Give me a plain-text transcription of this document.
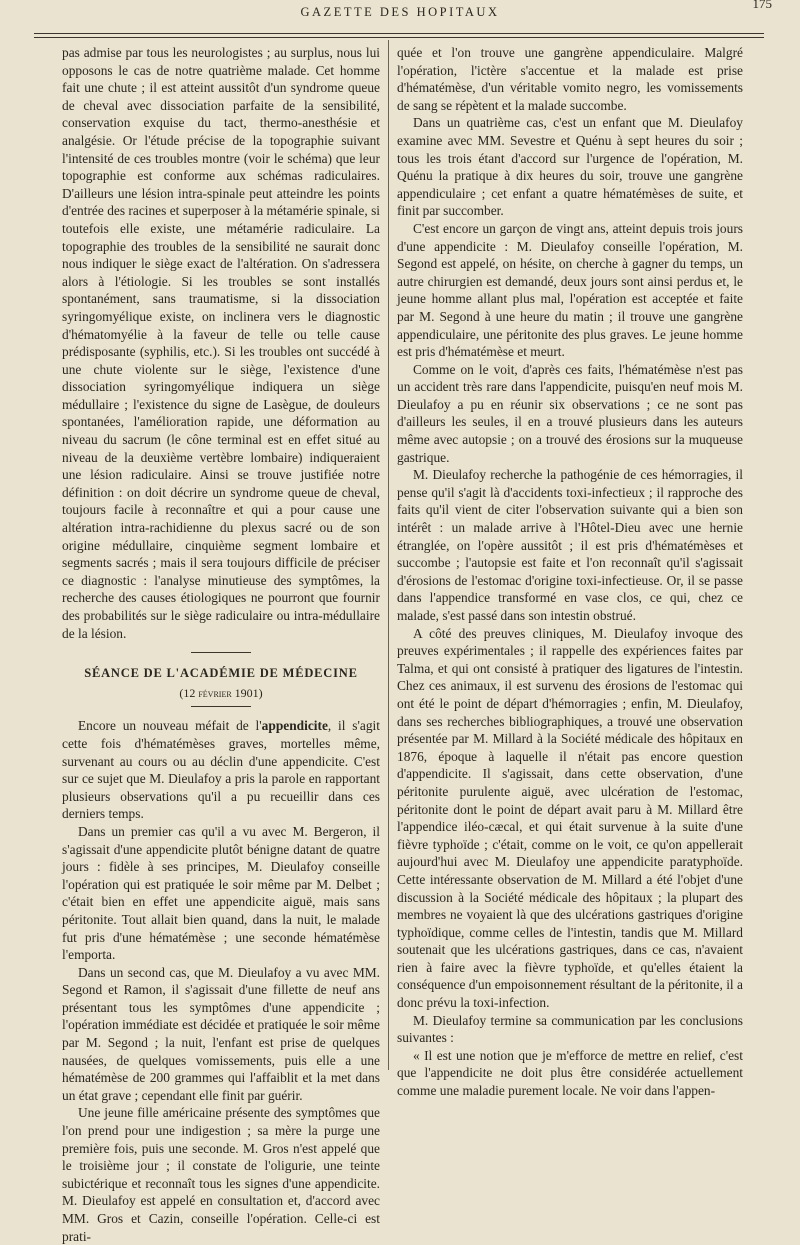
GAZETTE DES HOPITAUX
175

pas admise par tous les neurologistes ; au surplus, nous lui opposons le cas de notre quatrième malade. Cet homme fait une chute ; il est atteint aussitôt d'un syndrome queue de cheval avec dissociation parfaite de la sensibilité, conservation exquise du tact, thermo-anesthésie et analgésie. Or l'étude précise de la topographie suivant l'intensité de ces troubles montre (voir le schéma) que leur topographie est conforme aux schémas radiculaires. D'ailleurs une lésion intra-spinale peut atteindre les points d'entrée des racines et superposer à la métamérie spinale, si toutefois elle existe, une métamérie radiculaire. La topographie des troubles de la sensibilité ne saurait donc nous indiquer le siège exact de l'altération. On s'adressera alors à l'étiologie. Si les troubles se sont installés spontanément, sans traumatisme, si la dissociation syringomyélique existe, on inclinera vers le diagnostic d'hématomyélie à la faveur de telle ou telle cause prédisposante (syphilis, etc.). Si les troubles ont succédé à une chute violente sur le siège, l'existence d'une dissociation syringomyélique indiquera un siège médullaire ; l'existence du signe de Lasègue, de douleurs spontanées, l'amélioration rapide, une déformation au niveau du sacrum (le cône terminal est en effet situé au niveau de la deuxième vertèbre lombaire) indiqueraient une lésion radiculaire. Ainsi se trouve justifiée notre définition : on doit décrire un syndrome queue de cheval, toujours facile à reconnaître et qui a pour cause une altération intra-rachidienne du plexus sacré ou de son origine médullaire, cinquième segment lombaire et segments sacrés ; mais il sera toujours difficile de préciser ce diagnostic : l'analyse minutieuse des symptômes, la recherche des causes étiologiques ne pourront que fournir des probabilités sur le siège radiculaire ou intra-médullaire de la lésion.

SÉANCE DE L'ACADÉMIE DE MÉDECINE

(12 février 1901)

Encore un nouveau méfait de l'appendicite, il s'agit cette fois d'hématémèses graves, mortelles même, survenant au cours ou au déclin d'une appendicite. C'est sur ce sujet que M. Dieulafoy a pris la parole en rapportant plusieurs observations qu'il a pu recueillir dans ces derniers temps.

Dans un premier cas qu'il a vu avec M. Bergeron, il s'agissait d'une appendicite plutôt bénigne datant de quatre jours : fidèle à ses principes, M. Dieulafoy conseille l'opération qui est pratiquée le soir même par M. Delbet ; c'était bien en effet une appendicite aiguë, mais sans péritonite. Tout allait bien quand, dans la nuit, le malade fut pris d'une hématémèse ; une seconde hématémèse l'emporta.

Dans un second cas, que M. Dieulafoy a vu avec MM. Segond et Ramon, il s'agissait d'une fillette de neuf ans présentant tous les symptômes d'une appendicite ; l'opération immédiate est décidée et pratiquée le soir même par M. Segond ; la nuit, l'enfant est prise de quelques nausées, de quelques vomissements, puis elle a une hématémèse de 200 grammes qui l'affaiblit et la met dans un état grave ; cependant elle finit par guérir.

Une jeune fille américaine présente des symptômes que l'on prend pour une indigestion ; sa mère la purge une première fois, puis une seconde. M. Gros n'est appelé que le troisième jour ; il constate de l'oligurie, une teinte subictérique et reconnaît tous les signes d'une appendicite. M. Dieulafoy est appelé en consultation et, d'accord avec MM. Gros et Cazin, conseille l'opération. Celle-ci est prati-

quée et l'on trouve une gangrène appendiculaire. Malgré l'opération, l'ictère s'accentue et la malade est prise d'hématémèse, d'un véritable vomito negro, les vomissements de sang se répètent et la malade succombe.

Dans un quatrième cas, c'est un enfant que M. Dieulafoy examine avec MM. Sevestre et Quénu à sept heures du soir ; tous les trois étant d'accord sur l'urgence de l'opération, M. Quénu la pratique à dix heures du soir, trouve une gangrène appendiculaire ; cet enfant a quatre hématémèses de suite, et finit par succomber.

C'est encore un garçon de vingt ans, atteint depuis trois jours d'une appendicite : M. Dieulafoy conseille l'opération, M. Segond est appelé, on hésite, on cherche à gagner du temps, un autre chirurgien est demandé, deux jours sont ainsi perdus et, le jeune homme allant plus mal, l'opération est acceptée et faite par M. Segond à une heure du matin ; il trouve une gangrène appendiculaire, une péritonite des plus graves. Le jeune homme est pris d'hématémèse et meurt.

Comme on le voit, d'après ces faits, l'hématémèse n'est pas un accident très rare dans l'appendicite, puisqu'en neuf mois M. Dieulafoy a pu en réunir six observations ; ce ne sont pas d'ailleurs les seules, il en a trouvé plusieurs dans les auteurs même avec autopsie ; on a trouvé des érosions sur la muqueuse gastrique.

M. Dieulafoy recherche la pathogénie de ces hémorragies, il pense qu'il s'agit là d'accidents toxi-infectieux ; il rapproche des faits qu'il vient de citer l'observation suivante qui a bien son intérêt : un malade arrive à l'Hôtel-Dieu avec une hernie étranglée, on l'opère aussitôt ; il est pris d'hématémèses et succombe ; l'autopsie est faite et l'on reconnaît qu'il s'agissait d'érosions de l'estomac d'origine toxi-infectieuse. Or, il se passe dans l'appendice transformé en vase clos, ce qui, chez ce malade, s'est passé dans son intestin obstrué.

A côté des preuves cliniques, M. Dieulafoy invoque des preuves expérimentales ; il rappelle des expériences faites par Talma, et qui ont consisté à pratiquer des ligatures de l'intestin. Chez ces animaux, il est survenu des érosions de l'estomac qui ont été le point de départ d'hémorragies ; enfin, M. Dieulafoy, dans ses recherches bibliographiques, a trouvé une observation présentée par M. Millard à la Société médicale des hôpitaux en 1876, époque à laquelle il n'était pas encore question d'appendicite. Il s'agissait, dans cette observation, d'une péritonite purulente aiguë, avec ulcération de l'estomac, péritonite dont le point de départ avait paru à M. Millard être l'appendice iléo-cæcal, et qui était survenue à la suite d'une fièvre typhoïde ; c'était, comme on le voit, ce qu'on appellerait aujourd'hui avec M. Dieulafoy une appendicite paratyphoïde. Cette intéressante observation de M. Millard a été l'objet d'une discussion à la Société médicale des hôpitaux ; la plupart des membres ne voyaient là que des ulcérations gastriques d'origine typhoïdique, comme celles de l'intestin, tandis que M. Millard soutenait que les ulcérations gastriques, dans ce cas, n'avaient rien à faire avec la fièvre typhoïde, et qu'elles étaient la conséquence d'un empoisonnement résultant de la péritonite, il a donc prévu la toxi-infection.

M. Dieulafoy termine sa communication par les conclusions suivantes :

« Il est une notion que je m'efforce de mettre en relief, c'est que l'appendicite ne doit plus être considérée actuellement comme une maladie purement locale. Ne voir dans l'appen-
